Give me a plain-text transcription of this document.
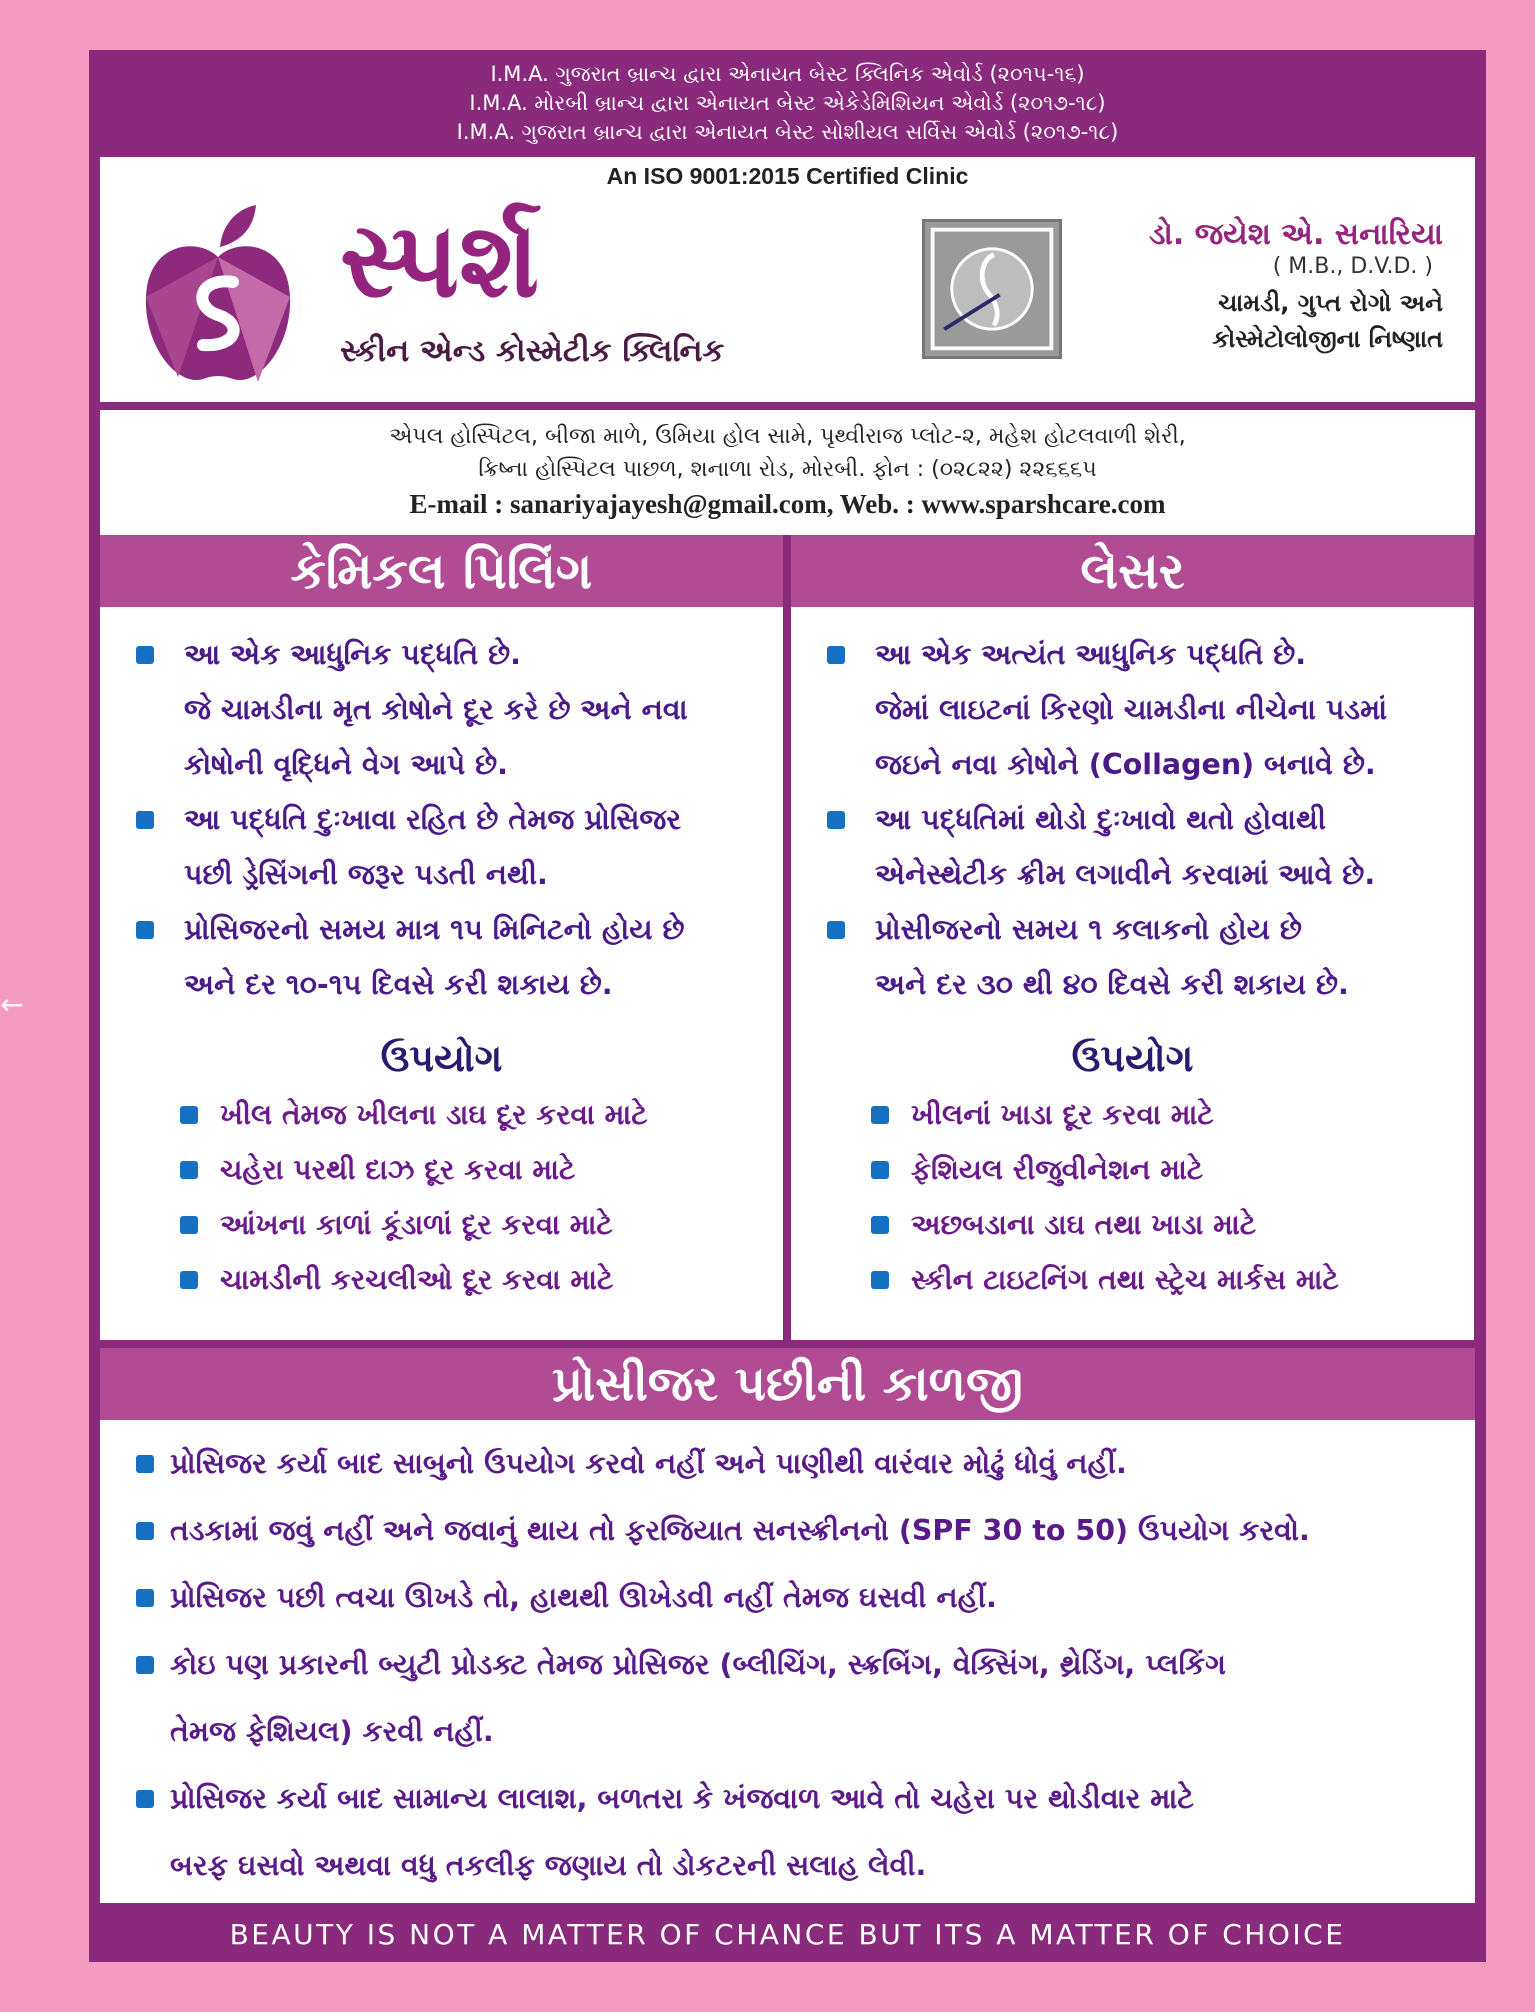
←
I.M.A. ગુજરાત બ્રાન્ચ દ્વારા એનાયત બેસ્ટ ક્લિનિક એવોર્ડ (૨૦૧૫-૧૬)
I.M.A. મોરબી બ્રાન્ચ દ્વારા એનાયત બેસ્ટ એકેડેમિશિયન એવોર્ડ (૨૦૧૭-૧૮)
I.M.A. ગુજરાત બ્રાન્ચ દ્વારા એનાયત બેસ્ટ સોશીયલ સર્વિસ એવોર્ડ (૨૦૧૭-૧૮)
An ISO 9001:2015 Certified Clinic
સ્પર્શ
સ્કીન એન્ડ કોસ્મેટીક ક્લિનિક
ડો. જયેશ એ. સનારિયા
( M.B., D.V.D. )
ચામડી, ગુપ્ત રોગો અને
કોસ્મેટોલોજીના નિષ્ણાત
એપલ હોસ્પિટલ, બીજા માળે, ઉમિયા હોલ સામે, પૃથ્વીરાજ પ્લોટ-૨, મહેશ હોટલવાળી શેરી,
ક્રિષ્ના હોસ્પિટલ પાછળ, શનાળા રોડ, મોરબી. ફોન : (૦૨૮૨૨) ૨૨૬૬૬૫
E-mail : sanariyajayesh@gmail.com, Web. : www.sparshcare.com
કેમિકલ પિલિંગ
આ એક આધુનિક પદ્ધતિ છે.
જે ચામડીના મૃત કોષોને દૂર કરે છે અને નવા
કોષોની વૃદ્ધિને વેગ આપે છે.
આ પદ્ધતિ દુઃખાવા રહિત છે તેમજ પ્રોસિજર
પછી ડ્રેસિંગની જરૂર પડતી નથી.
પ્રોસિજરનો સમય માત્ર ૧૫ મિનિટનો હોય છે
અને દર ૧૦-૧૫ દિવસે કરી શકાય છે.
ઉપયોગ
ખીલ તેમજ ખીલના ડાઘ દૂર કરવા માટે
ચહેરા પરથી દાઝ દૂર કરવા માટે
આંખના કાળાં કૂંડાળાં દૂર કરવા માટે
ચામડીની કરચલીઓ દૂર કરવા માટે
લેસર
આ એક અત્યંત આધુનિક પદ્ધતિ છે.
જેમાં લાઇટનાં કિરણો ચામડીના નીચેના પડમાં
જઇને નવા કોષોને (Collagen) બનાવે છે.
આ પદ્ધતિમાં થોડો દુઃખાવો થતો હોવાથી
એનેસ્થેટીક ક્રીમ લગાવીને કરવામાં આવે છે.
પ્રોસીજરનો સમય ૧ કલાકનો હોય છે
અને દર ૩૦ થી ૪૦ દિવસે કરી શકાય છે.
ઉપયોગ
ખીલનાં ખાડા દૂર કરવા માટે
ફેશિયલ રીજુવીનેશન માટે
અછબડાના ડાઘ તથા ખાડા માટે
સ્કીન ટાઇટનિંગ તથા સ્ટ્રેચ માર્કસ માટે
પ્રોસીજર પછીની કાળજી
પ્રોસિજર કર્યા બાદ સાબુનો ઉપયોગ કરવો નહીં અને પાણીથી વારંવાર મોઢું ધોવું નહીં.
તડકામાં જવું નહીં અને જવાનું થાય તો ફરજિયાત સનસ્ક્રીનનો (SPF 30 to 50) ઉપયોગ કરવો.
પ્રોસિજર પછી ત્વચા ઊખડે તો, હાથથી ઊખેડવી નહીં તેમજ ઘસવી નહીં.
કોઇ પણ પ્રકારની બ્યુટી પ્રોડક્ટ તેમજ પ્રોસિજર (બ્લીચિંગ, સ્ક્રબિંગ, વેક્સિંગ, થ્રેડિંગ, પ્લકિંગ
તેમજ ફેશિયલ) કરવી નહીં.
પ્રોસિજર કર્યા બાદ સામાન્ય લાલાશ, બળતરા કે ખંજવાળ આવે તો ચહેરા પર થોડીવાર માટે
બરફ ઘસવો અથવા વધુ તકલીફ જણાય તો ડોકટરની સલાહ લેવી.
BEAUTY IS NOT A MATTER OF CHANCE BUT ITS A MATTER OF CHOICE
